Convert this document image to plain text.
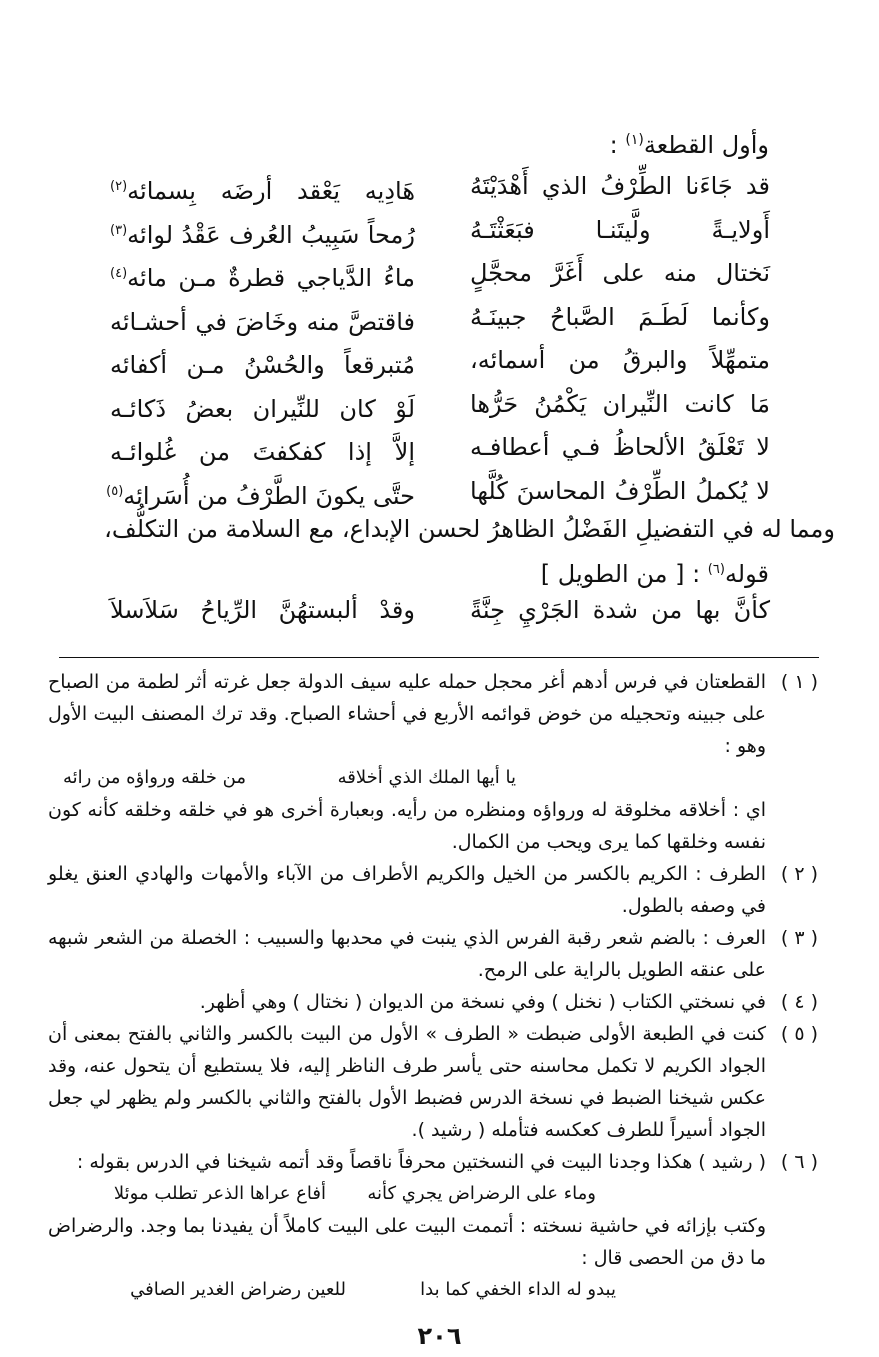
وأول القطعة$^{(١)}$ :
قد جَاءَنا الطِّرْفُ الذي أَهْدَيْتَهُ
هَادِيه يَعْقد أرضَه بِسمائه$^{(٢)}$
أَولايـةً ولَّيتَنـا فبَعَثْتَـهُ
رُمحاً سَبِيبُ العُرف عَقْدُ لوائه$^{(٣)}$
نَختال منه على أَغَرَّ محجَّلٍ
ماءُ الدَّياجي قطرةٌ مـن مائه$^{(٤)}$
وكأنما لَطَـمَ الصَّباحُ جبينَـهُ
فاقتصَّ منه وخَاضَ في أحشـائه
متمهِّلاً والبرقُ من أسمائه،
مُتبرقعاً والحُسْنُ مـن أكفائه
مَا كانت النِّيران يَكْمُنُ حَرُّها
لَوْ كان للنِّيران بعضُ ذَكائـه
لا تَعْلَقُ الألحاظُ فـي أعطافـه
إلاَّ إذا كفكفتَ من غُلوائـه
لا يُكملُ الطِّرْفُ المحاسنَ كُلَّها
حتَّى يكونَ الطَّرْفُ من أُسَرائه$^{(٥)}$
ومما له في التفضيلِ الفَضْلُ الظاهرُ لحسن الإبداع، مع السلامة من التكلُّف،
قوله$^{(٦)}$ : [ من الطويل ]
كأنَّ بها من شدة الجَرْيِ جِنَّةً
وقدْ ألبستهُنَّ الرِّياحُ سَلاَسلاَ
( ١ )
القطعتان في فرس أدهم أغر محجل حمله عليه سيف الدولة جعل غرته أثر لطمة من الصباح على جبينه وتحجيله من خوض قوائمه الأربع في أحشاء الصباح. وقد ترك المصنف البيت الأول وهو :
يا أيها الملك الذي أخلاقه
من خلقه ورواؤه من رائه
اي : أخلاقه مخلوقة له ورواؤه ومنظره من رأيه. وبعبارة أخرى هو في خلقه وخلقه كأنه كون نفسه وخلقها كما يرى ويحب من الكمال.
( ٢ )
الطرف : الكريم بالكسر من الخيل والكريم الأطراف من الآباء والأمهات والهادي العنق يغلو في وصفه بالطول.
( ٣ )
العرف : بالضم شعر رقبة الفرس الذي ينبت في محدبها والسبيب : الخصلة من الشعر شبهه على عنقه الطويل بالراية على الرمح.
( ٤ )
في نسختي الكتاب ( نخنل ) وفي نسخة من الديوان ( نختال ) وهي أظهر.
( ٥ )
كنت في الطبعة الأولى ضبطت « الطرف » الأول من البيت بالكسر والثاني بالفتح بمعنى أن الجواد الكريم لا تكمل محاسنه حتى يأسر طرف الناظر إليه، فلا يستطيع أن يتحول عنه، وقد عكس شيخنا الضبط في نسخة الدرس فضبط الأول بالفتح والثاني بالكسر ولم يظهر لي جعل الجواد أسيراً للطرف كعكسه فتأمله ( رشيد ).
( ٦ )
( رشيد ) هكذا وجدنا البيت في النسختين محرفاً ناقصاً وقد أتمه شيخنا في الدرس بقوله :
وماء على الرضراض يجري كأنه
أفاع عراها الذعر تطلب موئلا
وكتب بإزائه في حاشية نسخته : أتممت البيت على البيت كاملاً أن يفيدنا بما وجد. والرضراض ما دق من الحصى قال :
يبدو له الداء الخفي كما بدا
للعين رضراض الغدير الصافي
٢٠٦
